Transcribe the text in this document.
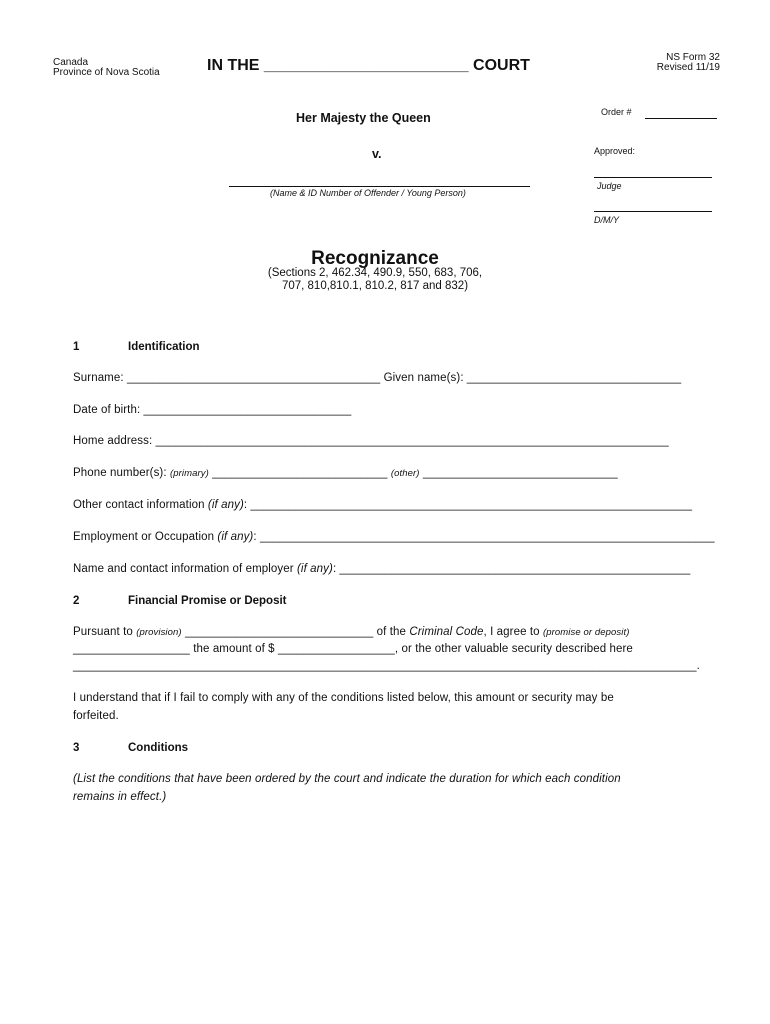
Canada
Province of Nova Scotia	IN THE _______________________ COURT	NS Form 32
Revised 11/19
Her Majesty the Queen
v.
(Name & ID Number of Offender / Young Person)
Order #
Approved:
Judge
D/M/Y
Recognizance
(Sections 2, 462.34, 490.9, 550, 683, 706,
707, 810,810.1, 810.2, 817 and 832)
1	Identification
Surname: _______________________________________ Given name(s): _________________________________
Date of birth: ________________________________
Home address: _______________________________________________________________________________
Phone number(s): (primary) ___________________________ (other) ______________________________
Other contact information (if any): ____________________________________________________________________
Employment or Occupation (if any): ______________________________________________________________________
Name and contact information of employer (if any): ______________________________________________________
2	Financial Promise or Deposit
Pursuant to (provision) _____________________________ of the Criminal Code, I agree to (promise or deposit)
__________________ the amount of $ __________________, or the other valuable security described here
________________________________________________________________________________________________.
I understand that if I fail to comply with any of the conditions listed below, this amount or security may be
forfeited.
3	Conditions
(List the conditions that have been ordered by the court and indicate the duration for which each condition
remains in effect.)
